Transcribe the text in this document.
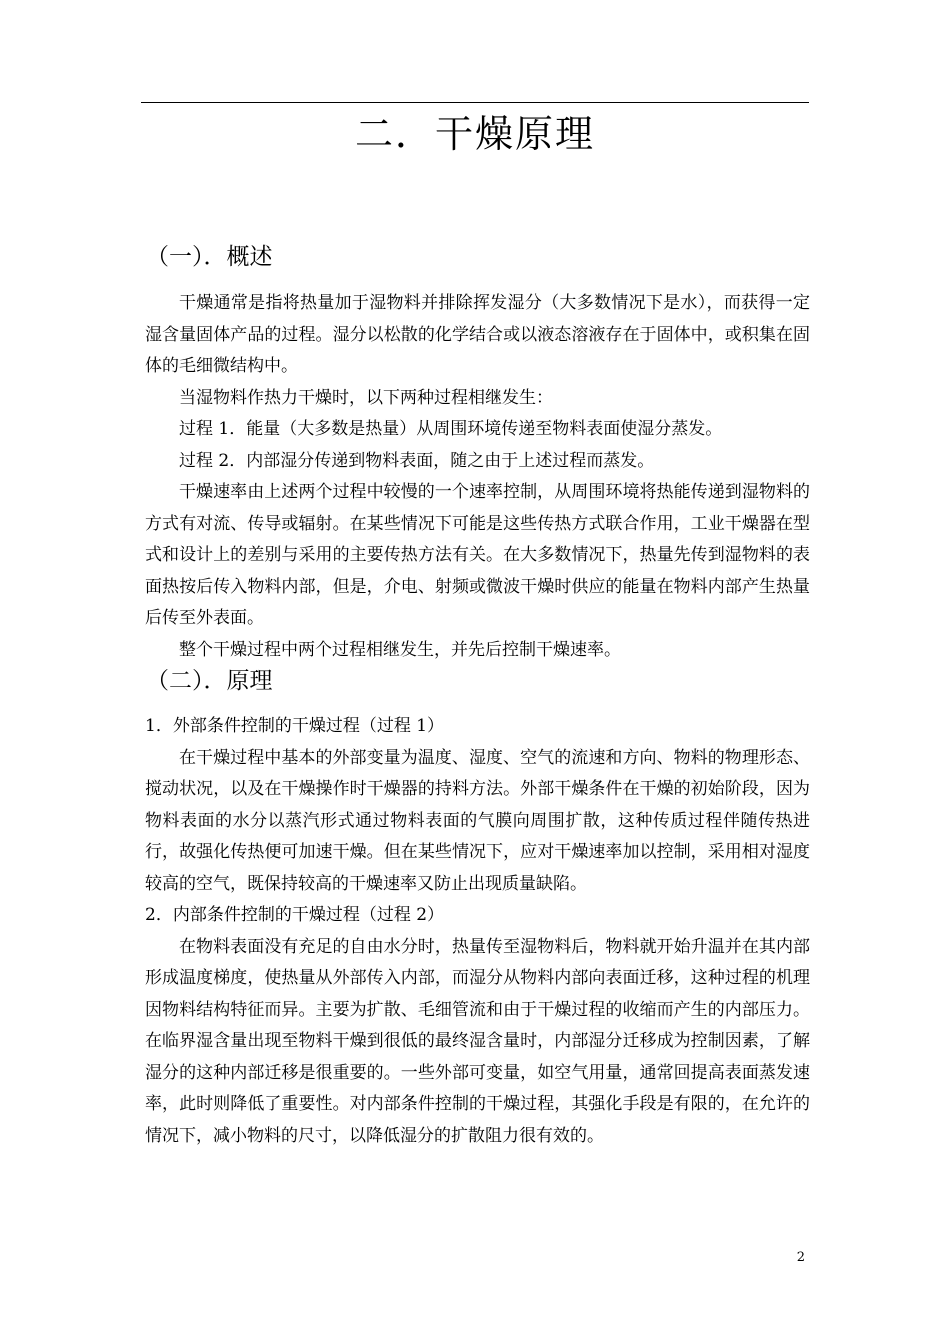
二．干燥原理
（一）．概述

干燥通常是指将热量加于湿物料并排除挥发湿分（大多数情况下是水），而获得一定湿含量固体产品的过程。湿分以松散的化学结合或以液态溶液存在于固体中，或积集在固体的毛细微结构中。

当湿物料作热力干燥时，以下两种过程相继发生：

过程 1．能量（大多数是热量）从周围环境传递至物料表面使湿分蒸发。

过程 2．内部湿分传递到物料表面，随之由于上述过程而蒸发。

干燥速率由上述两个过程中较慢的一个速率控制，从周围环境将热能传递到湿物料的方式有对流、传导或辐射。在某些情况下可能是这些传热方式联合作用，工业干燥器在型式和设计上的差别与采用的主要传热方法有关。在大多数情况下，热量先传到湿物料的表面热按后传入物料内部，但是，介电、射频或微波干燥时供应的能量在物料内部产生热量后传至外表面。

整个干燥过程中两个过程相继发生，并先后控制干燥速率。

（二）．原理

1．外部条件控制的干燥过程（过程 1）

在干燥过程中基本的外部变量为温度、湿度、空气的流速和方向、物料的物理形态、搅动状况，以及在干燥操作时干燥器的持料方法。外部干燥条件在干燥的初始阶段，因为物料表面的水分以蒸汽形式通过物料表面的气膜向周围扩散，这种传质过程伴随传热进行，故强化传热便可加速干燥。但在某些情况下，应对干燥速率加以控制，采用相对湿度较高的空气，既保持较高的干燥速率又防止出现质量缺陷。

2．内部条件控制的干燥过程（过程 2）

在物料表面没有充足的自由水分时，热量传至湿物料后，物料就开始升温并在其内部形成温度梯度，使热量从外部传入内部，而湿分从物料内部向表面迁移，这种过程的机理因物料结构特征而异。主要为扩散、毛细管流和由于干燥过程的收缩而产生的内部压力。在临界湿含量出现至物料干燥到很低的最终湿含量时，内部湿分迁移成为控制因素，了解湿分的这种内部迁移是很重要的。一些外部可变量，如空气用量，通常回提高表面蒸发速率，此时则降低了重要性。对内部条件控制的干燥过程，其强化手段是有限的，在允许的情况下，减小物料的尺寸，以降低湿分的扩散阻力很有效的。

2
